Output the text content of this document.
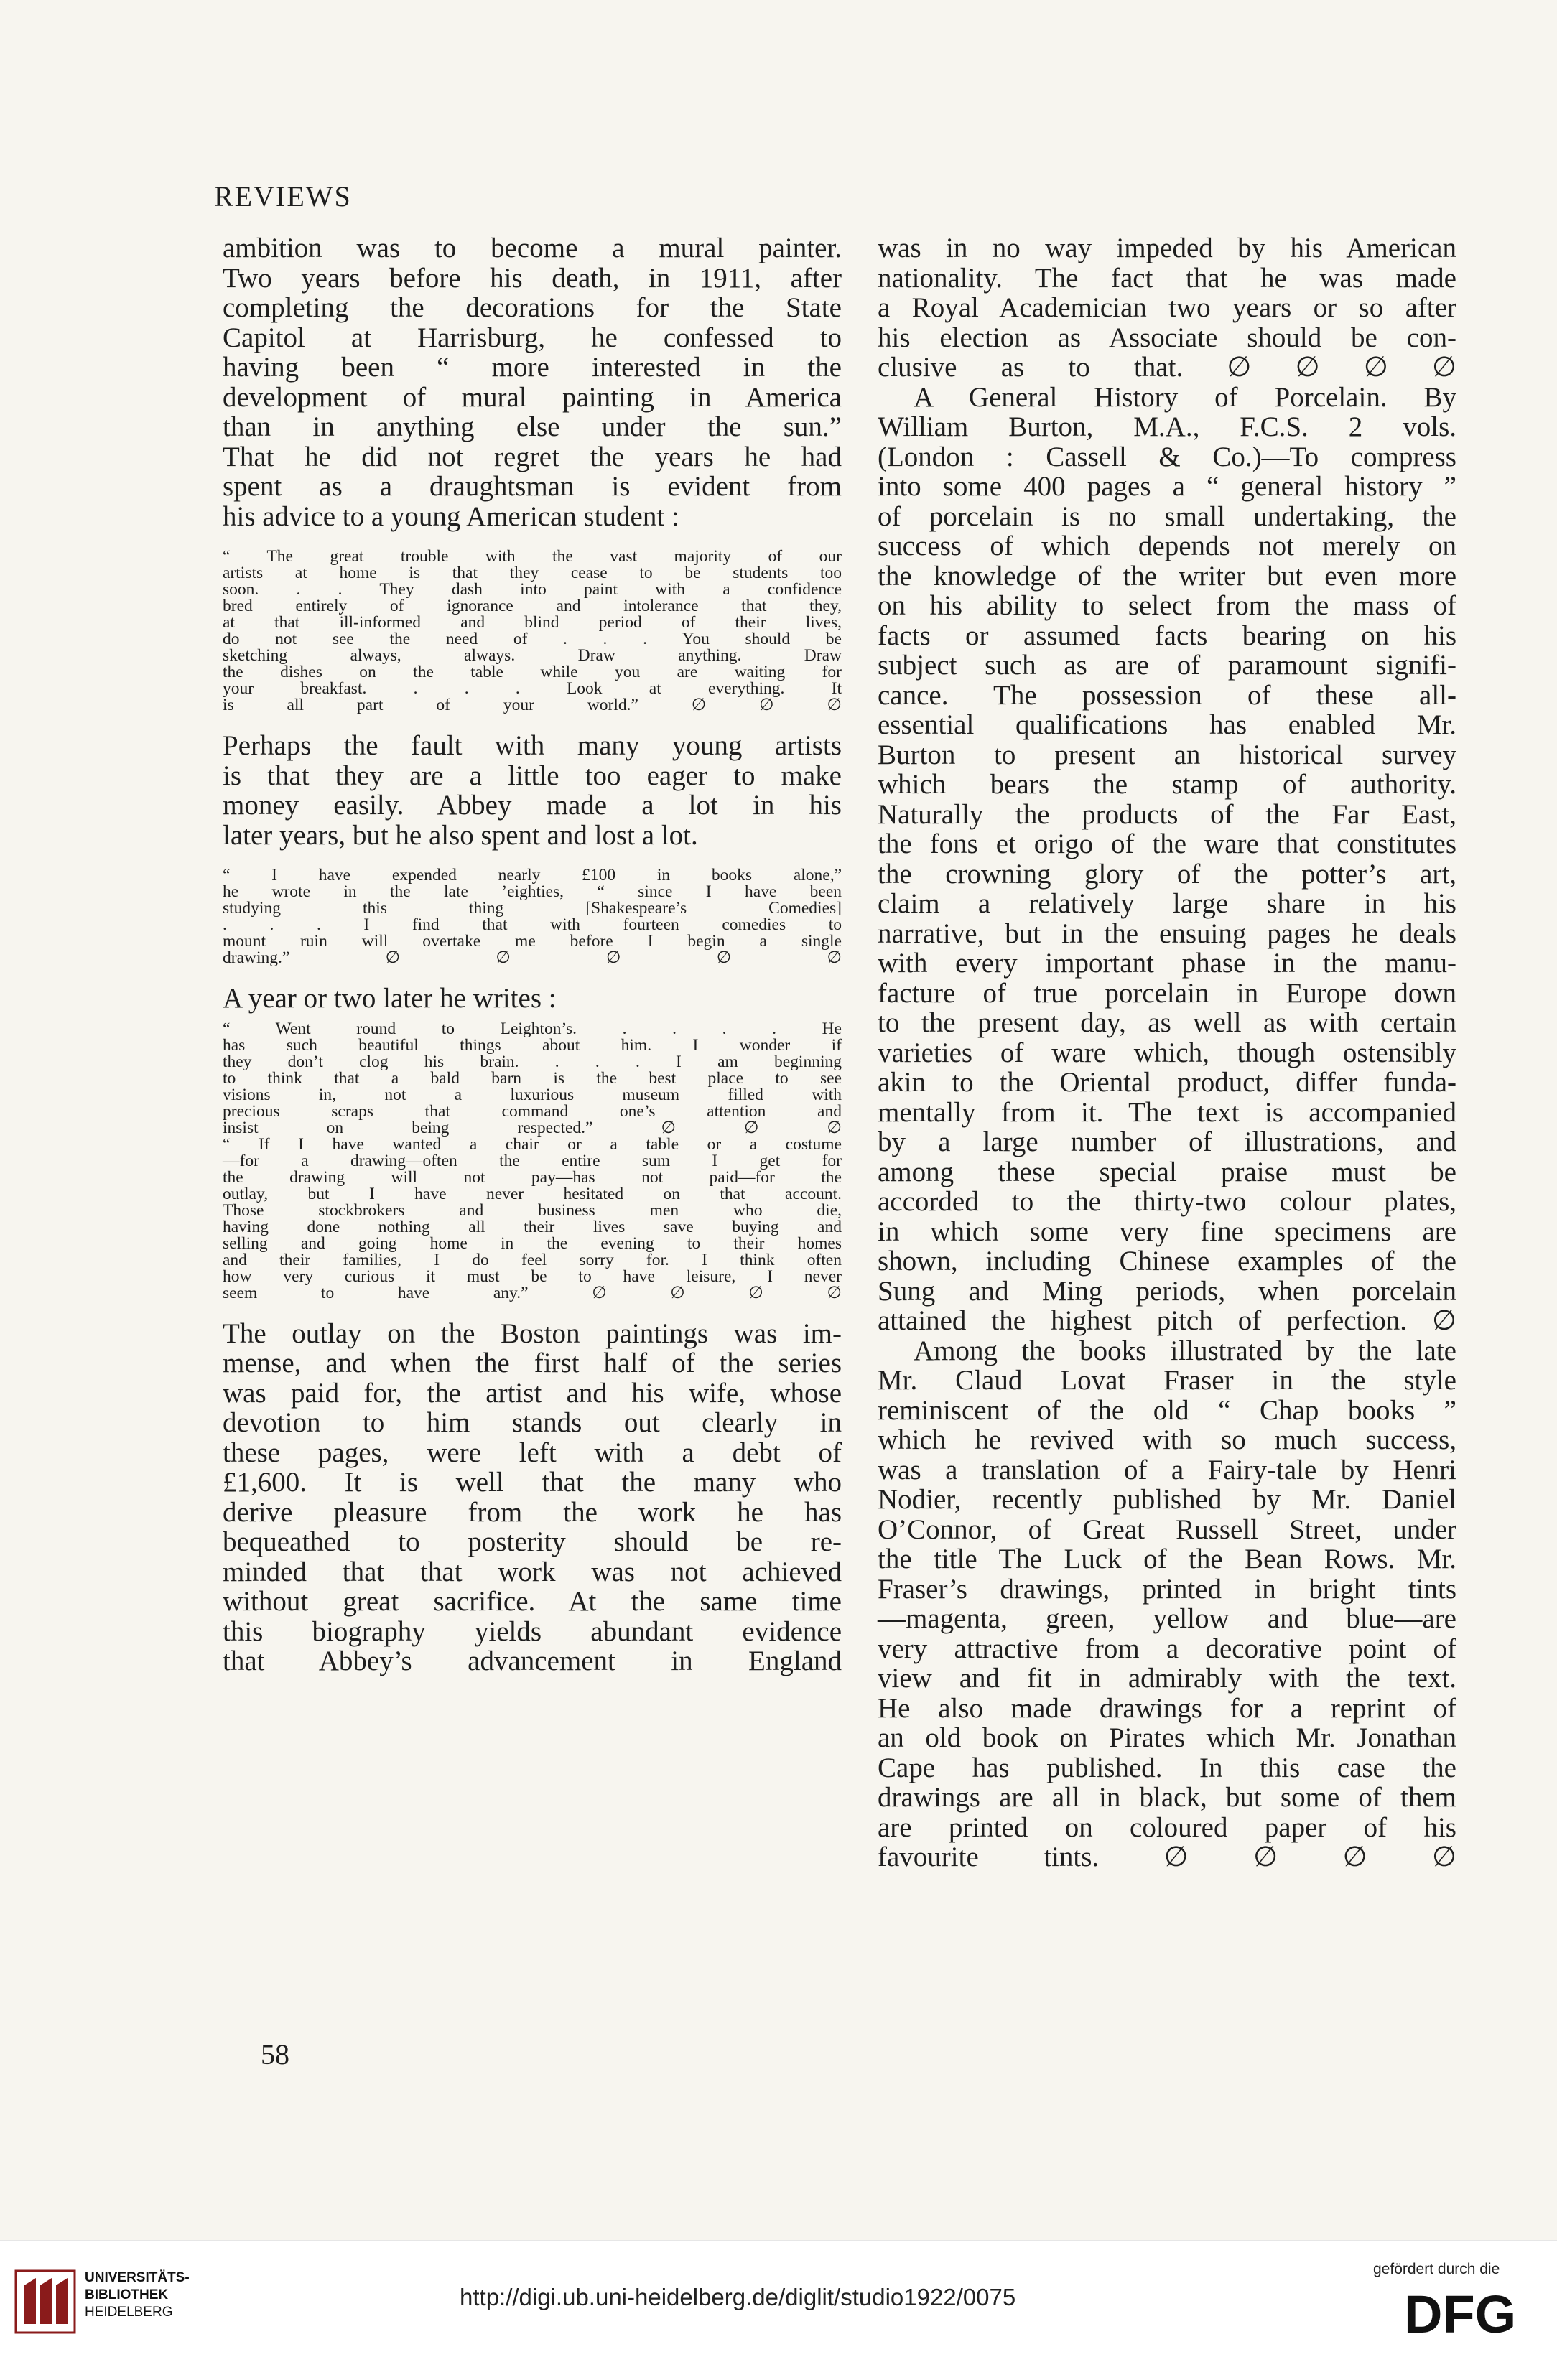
REVIEWS
ambition was to become a mural painter.
Two years before his death, in 1911, after
completing the decorations for the State
Capitol at Harrisburg, he confessed to
having been “ more interested in the
development of mural painting in America
than in anything else under the sun.”
That he did not regret the years he had
spent as a draughtsman is evident from
his advice to a young American student :
“ The great trouble with the vast majority of our
artists at home is that they cease to be students too
soon. . . They dash into paint with a confidence
bred entirely of ignorance and intolerance that they,
at that ill-informed and blind period of their lives,
do not see the need of . . . You should be
sketching always, always. Draw anything. Draw
the dishes on the table while you are waiting for
your breakfast. . . . Look at everything. It
is all part of your world.” ∅ ∅ ∅
Perhaps the fault with many young artists
is that they are a little too eager to make
money easily. Abbey made a lot in his
later years, but he also spent and lost a lot.
“ I have expended nearly £100 in books alone,”
he wrote in the late ’eighties, “ since I have been
studying this thing [Shakespeare’s Comedies]
. . . I find that with fourteen comedies to
mount ruin will overtake me before I begin a single
drawing.” ∅ ∅ ∅ ∅ ∅
A year or two later he writes :
“ Went round to Leighton’s. . . . . He
has such beautiful things about him. I wonder if
they don’t clog his brain. . . . I am beginning
to think that a bald barn is the best place to see
visions in, not a luxurious museum filled with
precious scraps that command one’s attention and
insist on being respected.” ∅ ∅ ∅
“ If I have wanted a chair or a table or a costume
—for a drawing—often the entire sum I get for
the drawing will not pay—has not paid—for the
outlay, but I have never hesitated on that account.
Those stockbrokers and business men who die,
having done nothing all their lives save buying and
selling and going home in the evening to their homes
and their families, I do feel sorry for. I think often
how very curious it must be to have leisure, I never
seem to have any.” ∅ ∅ ∅ ∅
The outlay on the Boston paintings was im-
mense, and when the first half of the series
was paid for, the artist and his wife, whose
devotion to him stands out clearly in
these pages, were left with a debt of
£1,600. It is well that the many who
derive pleasure from the work he has
bequeathed to posterity should be re-
minded that that work was not achieved
without great sacrifice. At the same time
this biography yields abundant evidence
that Abbey’s advancement in England
was in no way impeded by his American
nationality. The fact that he was made
a Royal Academician two years or so after
his election as Associate should be con-
clusive as to that. ∅ ∅ ∅ ∅
A General History of Porcelain. By
William Burton, M.A., F.C.S. 2 vols.
(London : Cassell & Co.)—To compress
into some 400 pages a “ general history ”
of porcelain is no small undertaking, the
success of which depends not merely on
the knowledge of the writer but even more
on his ability to select from the mass of
facts or assumed facts bearing on his
subject such as are of paramount signifi-
cance. The possession of these all-
essential qualifications has enabled Mr.
Burton to present an historical survey
which bears the stamp of authority.
Naturally the products of the Far East,
the fons et origo of the ware that constitutes
the crowning glory of the potter’s art,
claim a relatively large share in his
narrative, but in the ensuing pages he deals
with every important phase in the manu-
facture of true porcelain in Europe down
to the present day, as well as with certain
varieties of ware which, though ostensibly
akin to the Oriental product, differ funda-
mentally from it. The text is accompanied
by a large number of illustrations, and
among these special praise must be
accorded to the thirty-two colour plates,
in which some very fine specimens are
shown, including Chinese examples of the
Sung and Ming periods, when porcelain
attained the highest pitch of perfection. ∅
Among the books illustrated by the late
Mr. Claud Lovat Fraser in the style
reminiscent of the old “ Chap books ”
which he revived with so much success,
was a translation of a Fairy-tale by Henri
Nodier, recently published by Mr. Daniel
O’Connor, of Great Russell Street, under
the title The Luck of the Bean Rows. Mr.
Fraser’s drawings, printed in bright tints
—magenta, green, yellow and blue—are
very attractive from a decorative point of
view and fit in admirably with the text.
He also made drawings for a reprint of
an old book on Pirates which Mr. Jonathan
Cape has published. In this case the
drawings are all in black, but some of them
are printed on coloured paper of his
favourite tints. ∅ ∅ ∅ ∅
58
UNIVERSITÄTS-
BIBLIOTHEK
HEIDELBERG
http://digi.ub.uni-heidelberg.de/diglit/studio1922/0075
gefördert durch die
DFG
